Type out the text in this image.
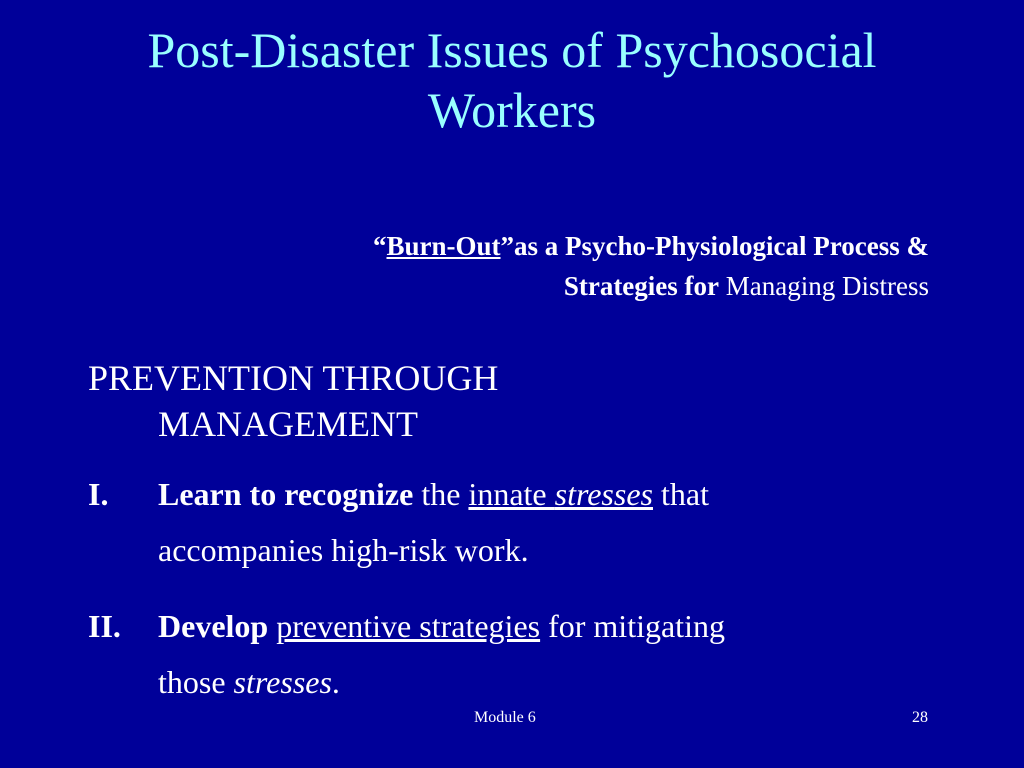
Post-Disaster Issues of Psychosocial
Workers
“Burn-Out”as a Psycho-Physiological Process &
Strategies for Managing Distress
PREVENTION THROUGH
MANAGEMENT
I. Learn to recognize the innate stresses that
accompanies high-risk work.
II. Develop preventive strategies for mitigating
those stresses.
Module 6	28
